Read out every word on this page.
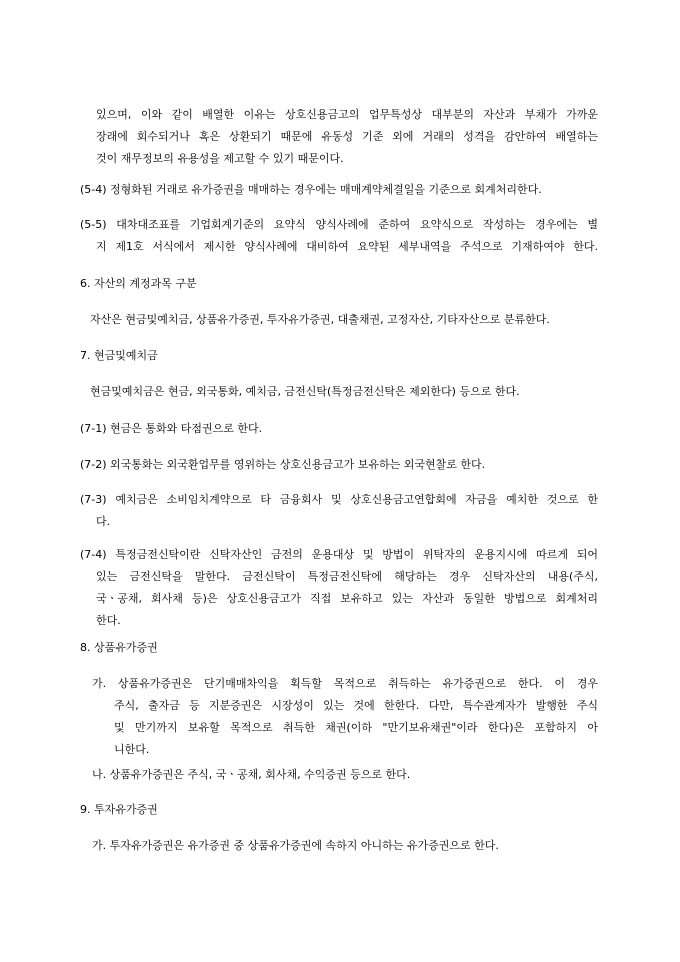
있으며, 이와 같이 배열한 이유는 상호신용금고의 업무특성상 대부분의 자산과 부채가 가까운
장래에 회수되거나 혹은 상환되기 때문에 유동성 기준 외에 거래의 성격을 감안하여 배열하는
것이 재무정보의 유용성을 제고할 수 있기 때문이다.
(5-4) 정형화된 거래로 유가증권을 매매하는 경우에는 매매계약체결일을 기준으로 회계처리한다.
(5-5) 대차대조표를 기업회계기준의 요약식 양식사례에 준하여 요약식으로 작성하는 경우에는 별
지 제1호 서식에서 제시한 양식사례에 대비하여 요약된 세부내역을 주석으로 기재하여야 한다.
6. 자산의 계정과목 구분
자산은 현금및예치금, 상품유가증권, 투자유가증권, 대출채권, 고정자산, 기타자산으로 분류한다.
7. 현금및예치금
현금및예치금은 현금, 외국통화, 예치금, 금전신탁(특정금전신탁은 제외한다) 등으로 한다.
(7-1) 현금은 통화와 타점권으로 한다.
(7-2) 외국통화는 외국환업무를 영위하는 상호신용금고가 보유하는 외국현찰로 한다.
(7-3) 예치금은 소비임치계약으로 타 금융회사 및 상호신용금고연합회에 자금을 예치한 것으로 한
다.
(7-4) 특정금전신탁이란 신탁자산인 금전의 운용대상 및 방법이 위탁자의 운용지시에 따르게 되어
있는 금전신탁을 말한다. 금전신탁이 특정금전신탁에 해당하는 경우 신탁자산의 내용(주식,
국ㆍ공채, 회사채 등)은 상호신용금고가 직접 보유하고 있는 자산과 동일한 방법으로 회계처리
한다.
8. 상품유가증권
가. 상품유가증권은 단기매매차익을 획득할 목적으로 취득하는 유가증권으로 한다. 이 경우
주식, 출자금 등 지분증권은 시장성이 있는 것에 한한다. 다만, 특수관계자가 발행한 주식
및 만기까지 보유할 목적으로 취득한 채권(이하 "만기보유채권"이라 한다)은 포함하지 아
니한다.
나. 상품유가증권은 주식, 국ㆍ공채, 회사채, 수익증권 등으로 한다.
9. 투자유가증권
가. 투자유가증권은 유가증권 중 상품유가증권에 속하지 아니하는 유가증권으로 한다.
